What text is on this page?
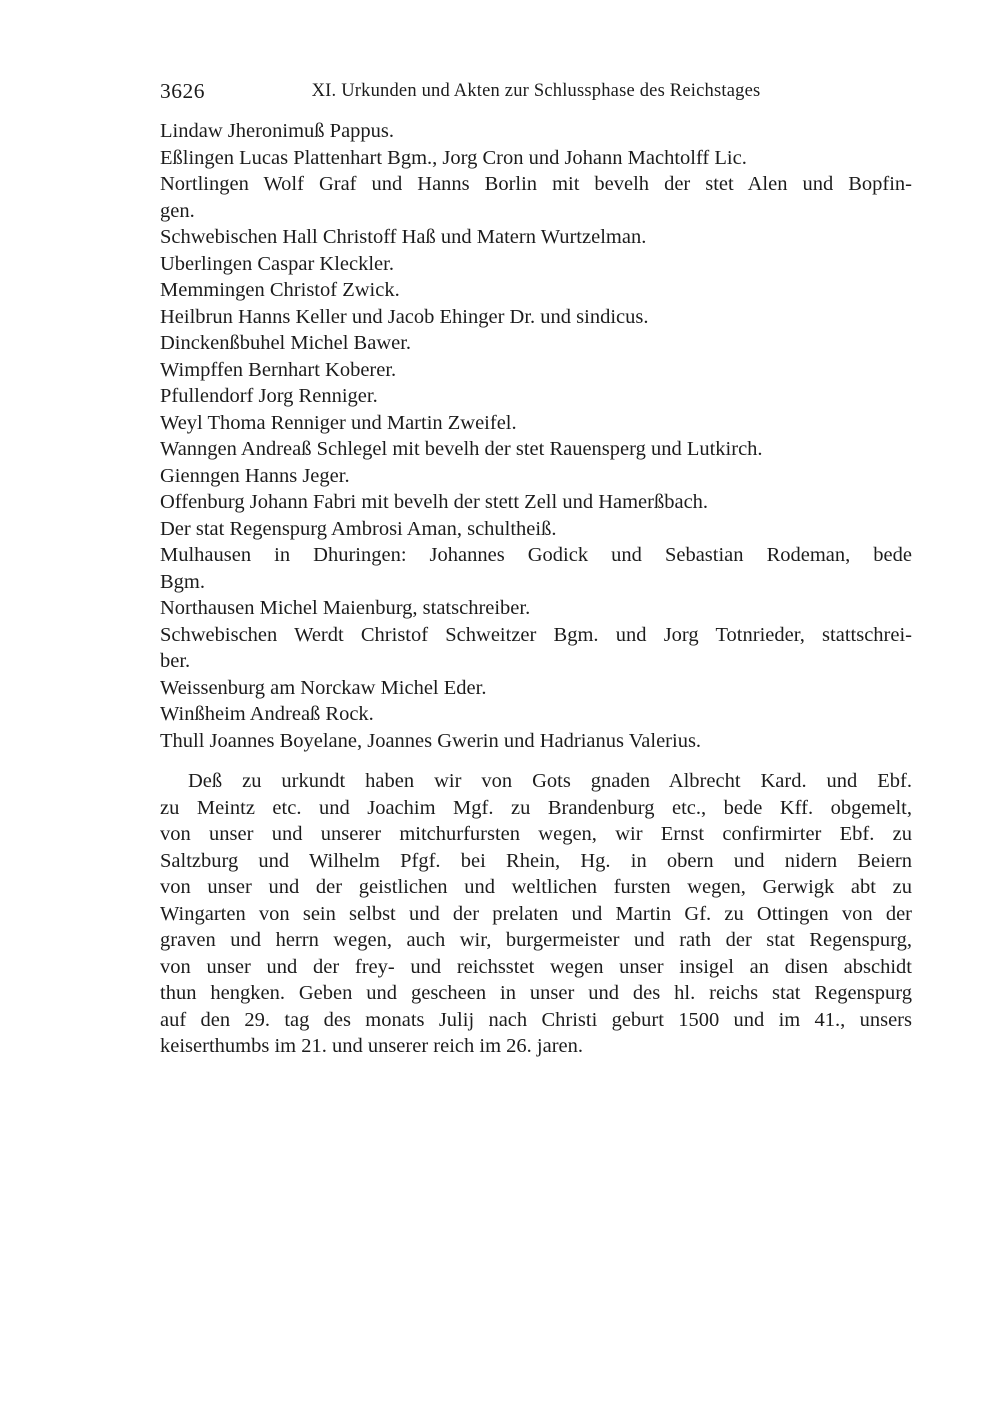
3626	XI. Urkunden und Akten zur Schlussphase des Reichstages
Lindaw Jheronimuß Pappus.
Eßlingen Lucas Plattenhart Bgm., Jorg Cron und Johann Machtolff Lic.
Nortlingen Wolf Graf und Hanns Borlin mit bevelh der stet Alen und Bopfin-
gen.
Schwebischen Hall Christoff Haß und Matern Wurtzelman.
Uberlingen Caspar Kleckler.
Memmingen Christof Zwick.
Heilbrun Hanns Keller und Jacob Ehinger Dr. und sindicus.
Dinckenßbuhel Michel Bawer.
Wimpffen Bernhart Koberer.
Pfullendorf Jorg Renniger.
Weyl Thoma Renniger und Martin Zweifel.
Wanngen Andreaß Schlegel mit bevelh der stet Rauensperg und Lutkirch.
Gienngen Hanns Jeger.
Offenburg Johann Fabri mit bevelh der stett Zell und Hamerßbach.
Der stat Regenspurg Ambrosi Aman, schultheiß.
Mulhausen in Dhuringen: Johannes Godick und Sebastian Rodeman, bede
Bgm.
Northausen Michel Maienburg, statschreiber.
Schwebischen Werdt Christof Schweitzer Bgm. und Jorg Totnrieder, stattschrei-
ber.
Weissenburg am Norckaw Michel Eder.
Winßheim Andreaß Rock.
Thull Joannes Boyelane, Joannes Gwerin und Hadrianus Valerius.
Deß zu urkundt haben wir von Gots gnaden Albrecht Kard. und Ebf.
zu Meintz etc. und Joachim Mgf. zu Brandenburg etc., bede Kff. obgemelt,
von unser und unserer mitchurfursten wegen, wir Ernst confirmirter Ebf. zu
Saltzburg und Wilhelm Pfgf. bei Rhein, Hg. in obern und nidern Beiern
von unser und der geistlichen und weltlichen fursten wegen, Gerwigk abt zu
Wingarten von sein selbst und der prelaten und Martin Gf. zu Ottingen von der
graven und herrn wegen, auch wir, burgermeister und rath der stat Regenspurg,
von unser und der frey- und reichsstet wegen unser insigel an disen abschidt
thun hengken. Geben und gescheen in unser und des hl. reichs stat Regenspurg
auf den 29. tag des monats Julij nach Christi geburt 1500 und im 41., unsers
keiserthumbs im 21. und unserer reich im 26. jaren.
